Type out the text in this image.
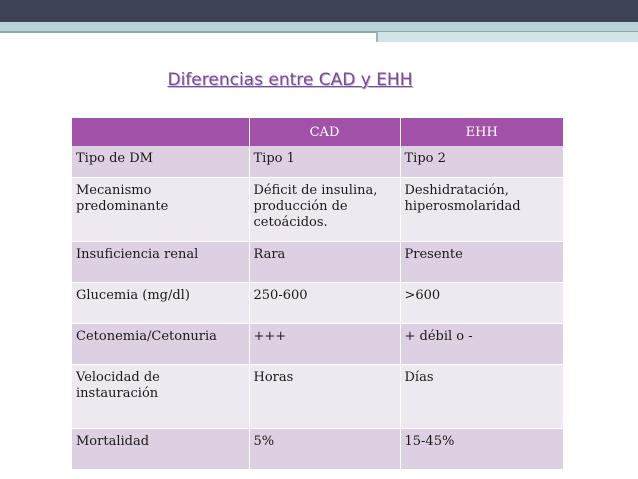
Diferencias entre CAD y EHH
	CAD	EHH
Tipo de DM	Tipo 1	Tipo 2
Mecanismo predominante	Déficit de insulina, producción de cetoácidos.	Deshidratación, hiperosmolaridad
Insuficiencia renal	Rara	Presente
Glucemia (mg/dl)	250-600	>600
Cetonemia/Cetonuria	+++	+ débil o -
Velocidad de instauración	Horas	Días
Mortalidad	5%	15-45%
